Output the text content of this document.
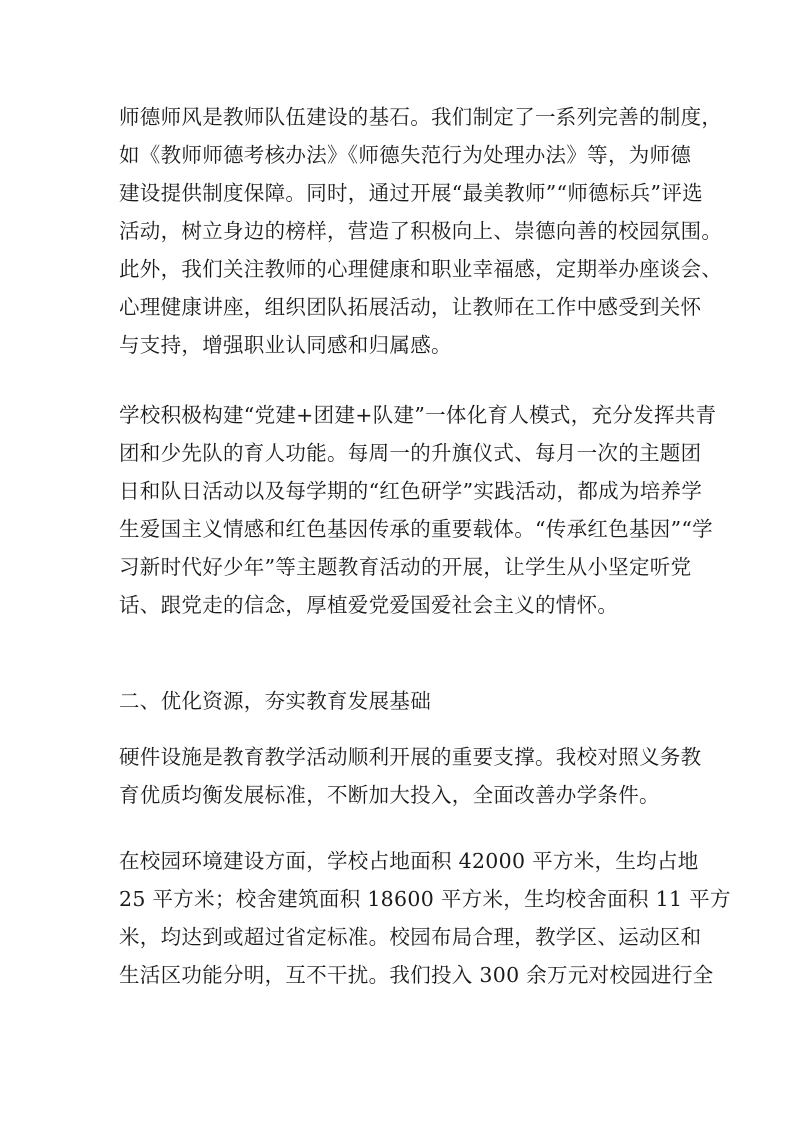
师德师风是教师队伍建设的基石。我们制定了一系列完善的制度，
如《教师师德考核办法》《师德失范行为处理办法》等，为师德
建设提供制度保障。同时，通过开展“最美教师”“师德标兵”评选
活动，树立身边的榜样，营造了积极向上、崇德向善的校园氛围。
此外，我们关注教师的心理健康和职业幸福感，定期举办座谈会、
心理健康讲座，组织团队拓展活动，让教师在工作中感受到关怀
与支持，增强职业认同感和归属感。
学校积极构建“党建+团建+队建”一体化育人模式，充分发挥共青
团和少先队的育人功能。每周一的升旗仪式、每月一次的主题团
日和队日活动以及每学期的“红色研学”实践活动，都成为培养学
生爱国主义情感和红色基因传承的重要载体。“传承红色基因”“学
习新时代好少年”等主题教育活动的开展，让学生从小坚定听党
话、跟党走的信念，厚植爱党爱国爱社会主义的情怀。
二、优化资源，夯实教育发展基础
硬件设施是教育教学活动顺利开展的重要支撑。我校对照义务教
育优质均衡发展标准，不断加大投入，全面改善办学条件。
在校园环境建设方面，学校占地面积 42000 平方米，生均占地
25 平方米；校舍建筑面积 18600 平方米，生均校舍面积 11 平方
米，均达到或超过省定标准。校园布局合理，教学区、运动区和
生活区功能分明，互不干扰。我们投入 300 余万元对校园进行全
